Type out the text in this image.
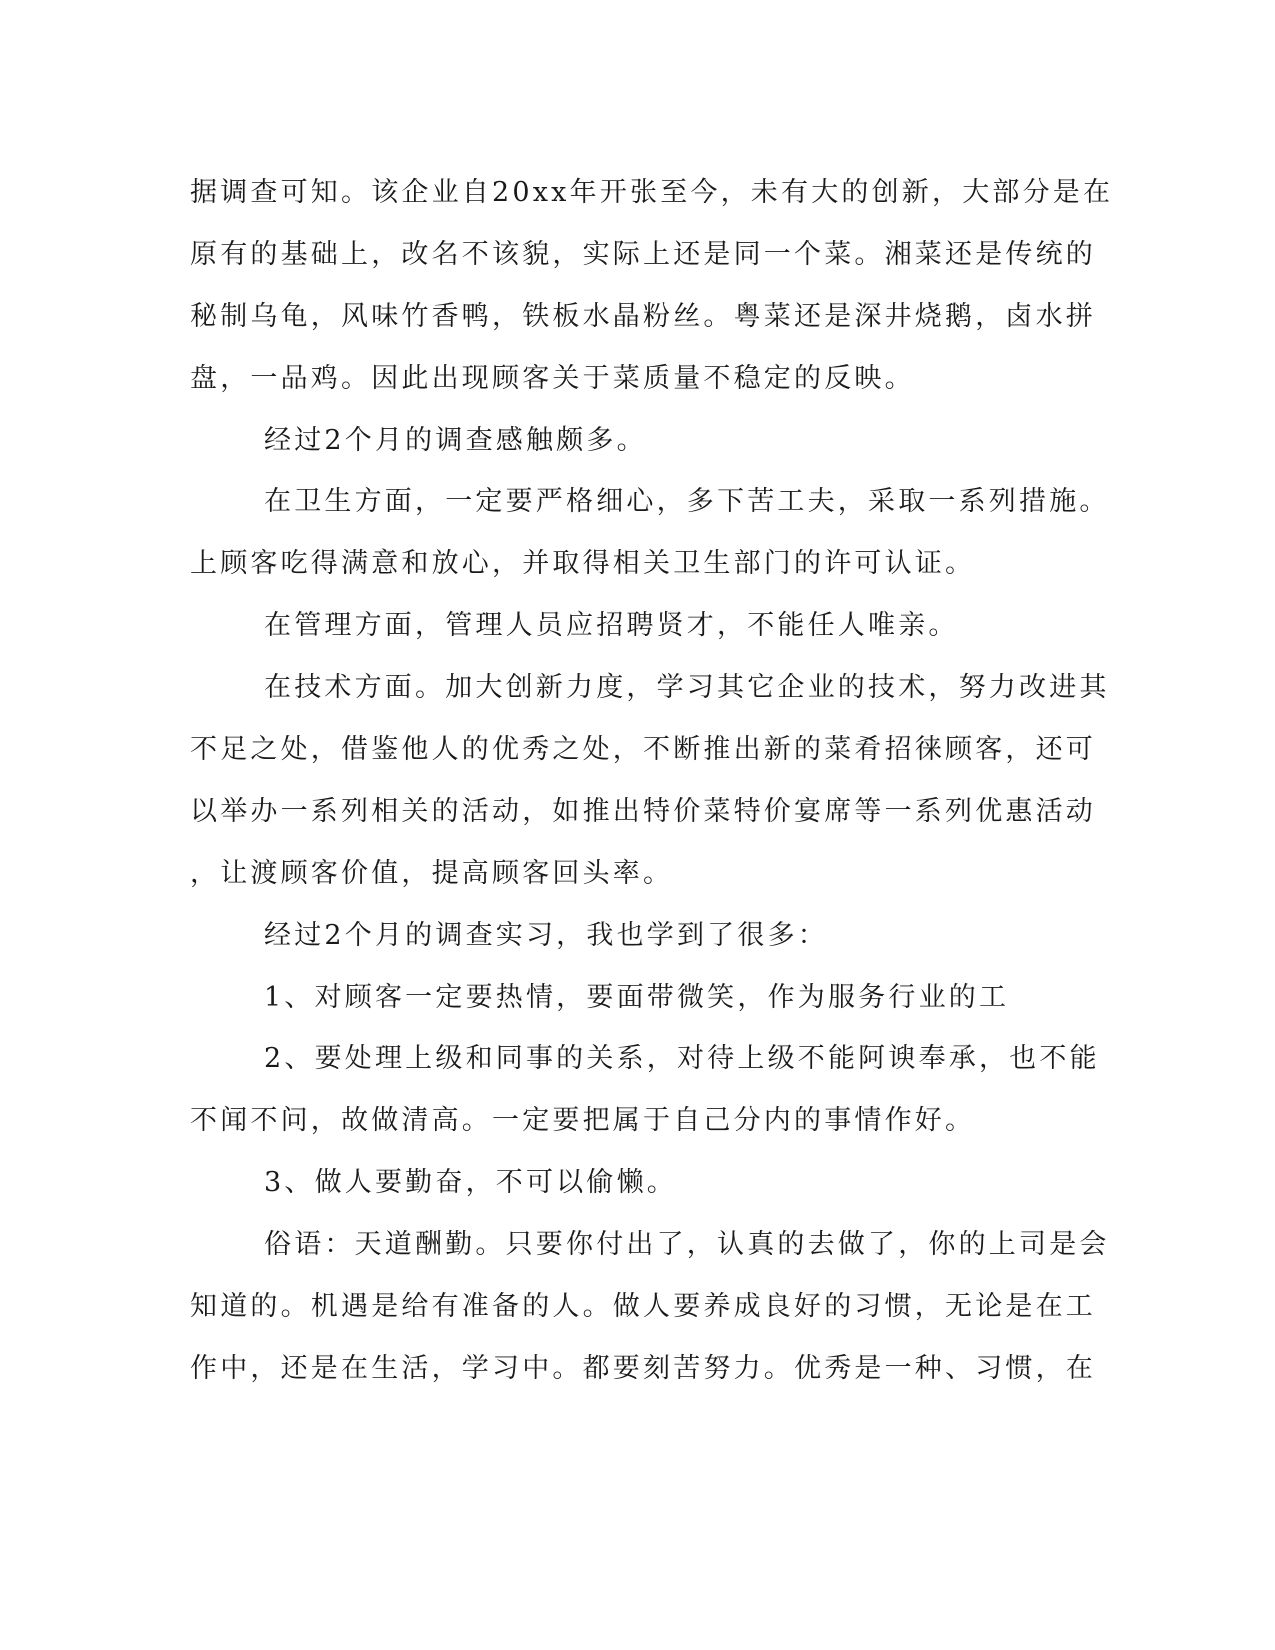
据调查可知。该企业自20xx年开张至今，未有大的创新，大部分是在
原有的基础上，改名不该貌，实际上还是同一个菜。湘菜还是传统的
秘制乌龟，风味竹香鸭，铁板水晶粉丝。粤菜还是深井烧鹅，卤水拼
盘，一品鸡。因此出现顾客关于菜质量不稳定的反映。
经过2个月的调查感触颇多。
在卫生方面，一定要严格细心，多下苦工夫，采取一系列措施。
上顾客吃得满意和放心，并取得相关卫生部门的许可认证。
在管理方面，管理人员应招聘贤才，不能任人唯亲。
在技术方面。加大创新力度，学习其它企业的技术，努力改进其
不足之处，借鉴他人的优秀之处，不断推出新的菜肴招徕顾客，还可
以举办一系列相关的活动，如推出特价菜特价宴席等一系列优惠活动
，让渡顾客价值，提高顾客回头率。
经过2个月的调查实习，我也学到了很多：
1、对顾客一定要热情，要面带微笑，作为服务行业的工
2、要处理上级和同事的关系，对待上级不能阿谀奉承，也不能
不闻不问，故做清高。一定要把属于自己分内的事情作好。
3、做人要勤奋，不可以偷懒。
俗语：天道酬勤。只要你付出了，认真的去做了，你的上司是会
知道的。机遇是给有准备的人。做人要养成良好的习惯，无论是在工
作中，还是在生活，学习中。都要刻苦努力。优秀是一种、习惯，在
